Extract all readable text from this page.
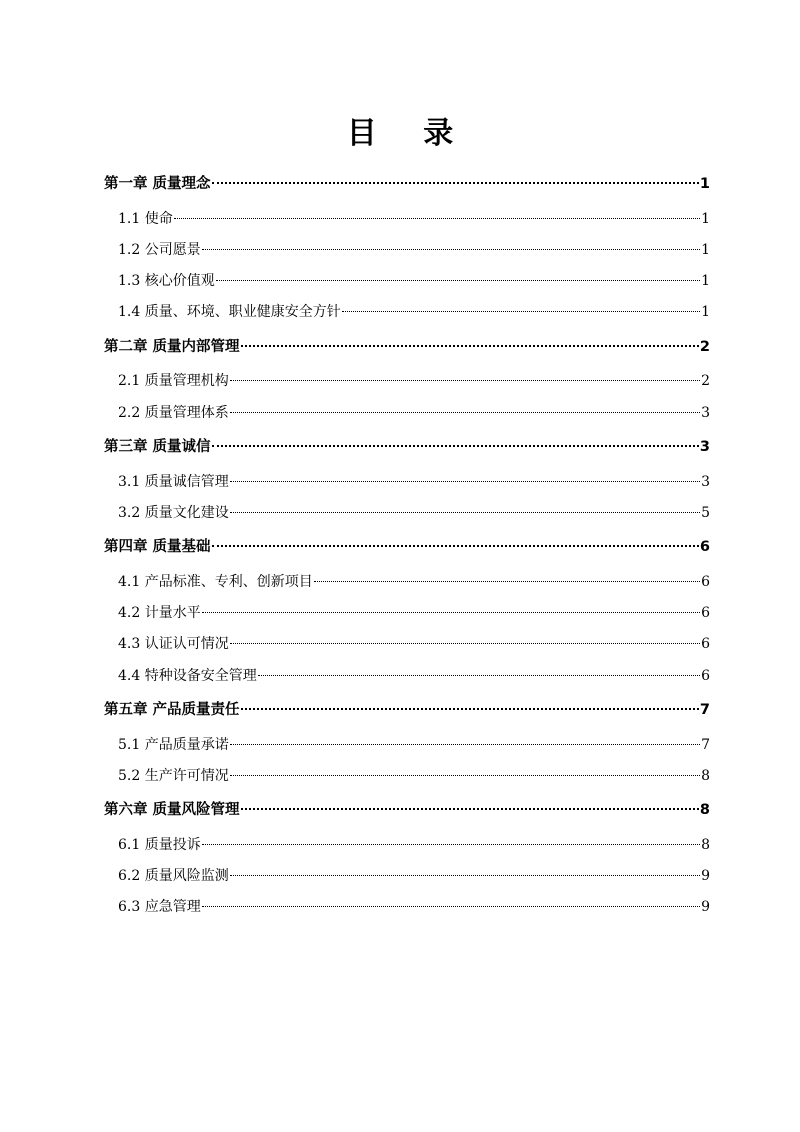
目 录
第一章 质量理念	1
1.1 使命	1
1.2 公司愿景	1
1.3 核心价值观	1
1.4 质量、环境、职业健康安全方针	1
第二章 质量内部管理	2
2.1 质量管理机构	2
2.2 质量管理体系	3
第三章 质量诚信	3
3.1 质量诚信管理	3
3.2 质量文化建设	5
第四章 质量基础	6
4.1 产品标准、专利、创新项目	6
4.2 计量水平	6
4.3 认证认可情况	6
4.4 特种设备安全管理	6
第五章 产品质量责任	7
5.1 产品质量承诺	7
5.2 生产许可情况	8
第六章 质量风险管理	8
6.1 质量投诉	8
6.2 质量风险监测	9
6.3 应急管理	9
